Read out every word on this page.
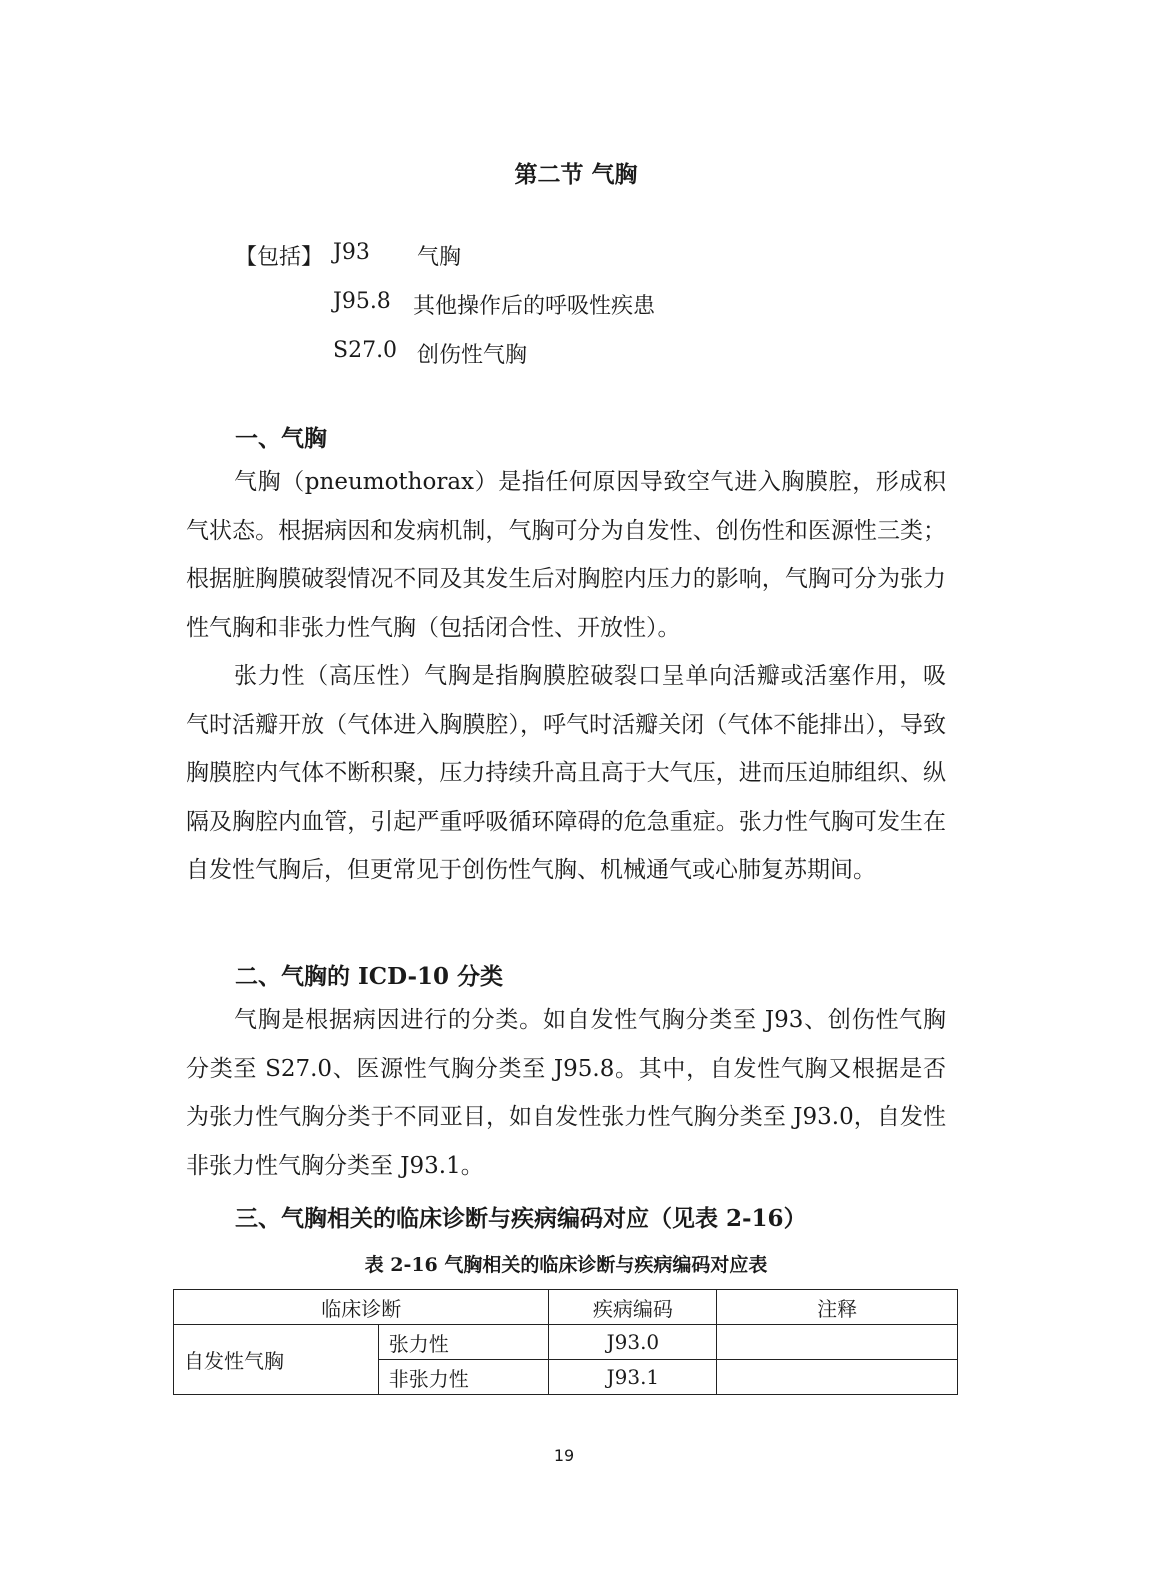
第二节 气胸
【包括】 J93 气胸
J95.8 其他操作后的呼吸性疾患
S27.0 创伤性气胸
一、气胸

气胸（pneumothorax）是指任何原因导致空气进入胸膜腔，形成积气状态。根据病因和发病机制，气胸可分为自发性、创伤性和医源性三类；根据脏胸膜破裂情况不同及其发生后对胸腔内压力的影响，气胸可分为张力性气胸和非张力性气胸（包括闭合性、开放性）。

张力性（高压性）气胸是指胸膜腔破裂口呈单向活瓣或活塞作用，吸气时活瓣开放（气体进入胸膜腔），呼气时活瓣关闭（气体不能排出），导致胸膜腔内气体不断积聚，压力持续升高且高于大气压，进而压迫肺组织、纵隔及胸腔内血管，引起严重呼吸循环障碍的危急重症。张力性气胸可发生在自发性气胸后，但更常见于创伤性气胸、机械通气或心肺复苏期间。

二、气胸的 ICD-10 分类

气胸是根据病因进行的分类。如自发性气胸分类至 J93、创伤性气胸分类至 S27.0、医源性气胸分类至 J95.8。其中，自发性气胸又根据是否为张力性气胸分类于不同亚目，如自发性张力性气胸分类至 J93.0，自发性非张力性气胸分类至 J93.1。

三、气胸相关的临床诊断与疾病编码对应（见表 2-16）
表 2-16 气胸相关的临床诊断与疾病编码对应表
临床诊断		疾病编码	注释
自发性气胸	张力性	J93.0	
	非张力性	J93.1	
19
